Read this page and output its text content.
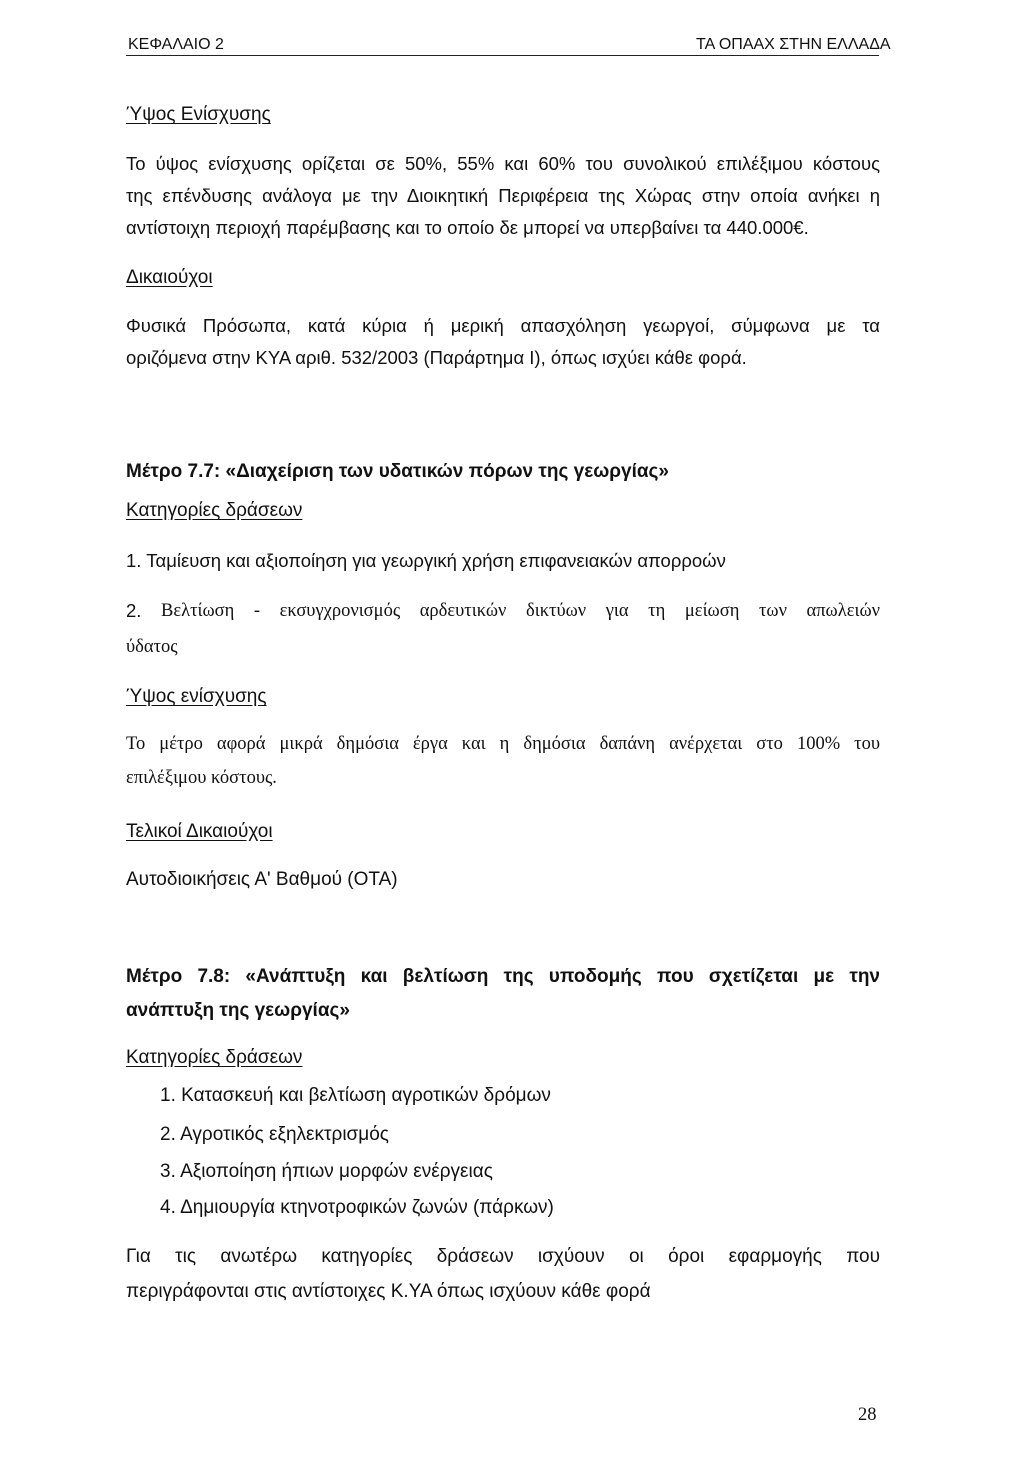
ΚΕΦΑΛΑΙΟ 2	ΤΑ ΟΠΑΑΧ ΣΤΗΝ ΕΛΛΑΔΑ
Ύψος Ενίσχυσης
Το ύψος ενίσχυσης ορίζεται σε 50%, 55% και 60% του συνολικού επιλέξιμου κόστους
της επένδυσης ανάλογα με την Διοικητική Περιφέρεια της Χώρας στην οποία ανήκει η
αντίστοιχη περιοχή παρέμβασης και το οποίο δε μπορεί να υπερβαίνει τα 440.000€.
Δικαιούχοι
Φυσικά Πρόσωπα, κατά κύρια ή μερική απασχόληση γεωργοί, σύμφωνα με τα
οριζόμενα στην ΚΥΑ αριθ. 532/2003 (Παράρτημα Ι), όπως ισχύει κάθε φορά.
Μέτρο 7.7: «Διαχείριση των υδατικών πόρων της γεωργίας»
Κατηγορίες δράσεων
1. Ταμίευση και αξιοποίηση για γεωργική χρήση επιφανειακών απορροών
2. Βελτίωση - εκσυγχρονισμός αρδευτικών δικτύων για τη μείωση των απωλειών
ύδατος
Ύψος ενίσχυσης
Το μέτρο αφορά μικρά δημόσια έργα και η δημόσια δαπάνη ανέρχεται στο 100% του
επιλέξιμου κόστους.
Τελικοί Δικαιούχοι
Αυτοδιοικήσεις Α' Βαθμού (ΟΤΑ)
Μέτρο 7.8: «Ανάπτυξη και βελτίωση της υποδομής που σχετίζεται με την
ανάπτυξη της γεωργίας»
Κατηγορίες δράσεων
1. Κατασκευή και βελτίωση αγροτικών δρόμων
2. Αγροτικός εξηλεκτρισμός
3. Αξιοποίηση ήπιων μορφών ενέργειας
4. Δημιουργία κτηνοτροφικών ζωνών (πάρκων)
Για τις ανωτέρω κατηγορίες δράσεων ισχύουν οι όροι εφαρμογής που
περιγράφονται στις αντίστοιχες Κ.ΥΑ όπως ισχύουν κάθε φορά
28
